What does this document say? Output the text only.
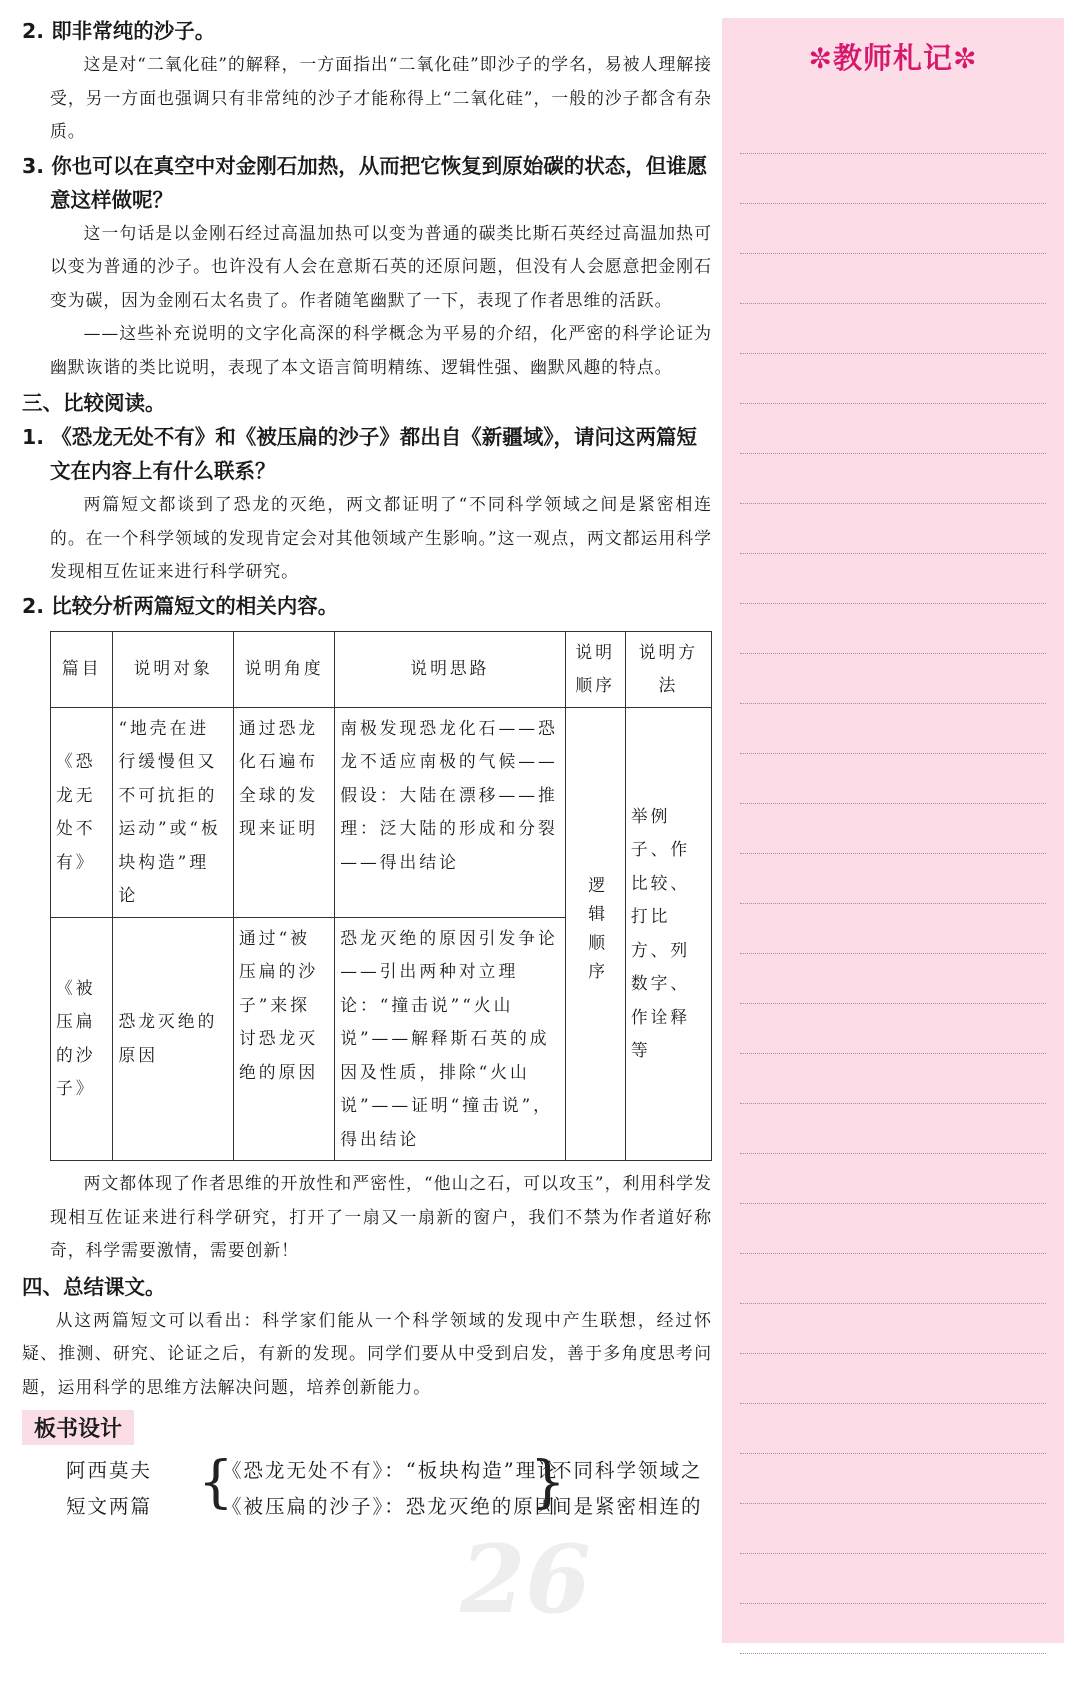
2. 即非常纯的沙子。

这是对“二氧化硅”的解释，一方面指出“二氧化硅”即沙子的学名，易被人理解接受，另一方面也强调只有非常纯的沙子才能称得上“二氧化硅”，一般的沙子都含有杂质。

3. 你也可以在真空中对金刚石加热，从而把它恢复到原始碳的状态，但谁愿意这样做呢？

这一句话是以金刚石经过高温加热可以变为普通的碳类比斯石英经过高温加热可以变为普通的沙子。也许没有人会在意斯石英的还原问题，但没有人会愿意把金刚石变为碳，因为金刚石太名贵了。作者随笔幽默了一下，表现了作者思维的活跃。

——这些补充说明的文字化高深的科学概念为平易的介绍，化严密的科学论证为幽默诙谐的类比说明，表现了本文语言简明精练、逻辑性强、幽默风趣的特点。

三、比较阅读。

1. 《恐龙无处不有》和《被压扁的沙子》都出自《新疆域》，请问这两篇短文在内容上有什么联系？

两篇短文都谈到了恐龙的灭绝，两文都证明了“不同科学领域之间是紧密相连的。在一个科学领域的发现肯定会对其他领域产生影响。”这一观点，两文都运用科学发现相互佐证来进行科学研究。

2. 比较分析两篇短文的相关内容。

篇目	说明对象	说明角度	说明思路	说明顺序	说明方法
《恐龙无处不有》	“地壳在进行缓慢但又不可抗拒的运动”或“板块构造”理论	通过恐龙化石遍布全球的发现来证明	南极发现恐龙化石——恐龙不适应南极的气候——假设：大陆在漂移——推理：泛大陆的形成和分裂——得出结论	逻辑顺序	举例子、作比较、打比方、列数字、作诠释等
《被压扁的沙子》	恐龙灭绝的原因	通过“被压扁的沙子”来探讨恐龙灭绝的原因	恐龙灭绝的原因引发争论——引出两种对立理论：“撞击说”“火山说”——解释斯石英的成因及性质，排除“火山说”——证明“撞击说”，得出结论		

两文都体现了作者思维的开放性和严密性，“他山之石，可以攻玉”，利用科学发现相互佐证来进行科学研究，打开了一扇又一扇新的窗户，我们不禁为作者道好称奇，科学需要激情，需要创新！

四、总结课文。

从这两篇短文可以看出：科学家们能从一个科学领域的发现中产生联想，经过怀疑、推测、研究、论证之后，有新的发现。同学们要从中受到启发，善于多角度思考问题，运用科学的思维方法解决问题，培养创新能力。

板书设计
阿西莫夫
短文两篇 {
《恐龙无处不有》：“板块构造”理论
《被压扁的沙子》：恐龙灭绝的原因
}
不同科学领域之
间是紧密相连的
26
✼教师札记✼
